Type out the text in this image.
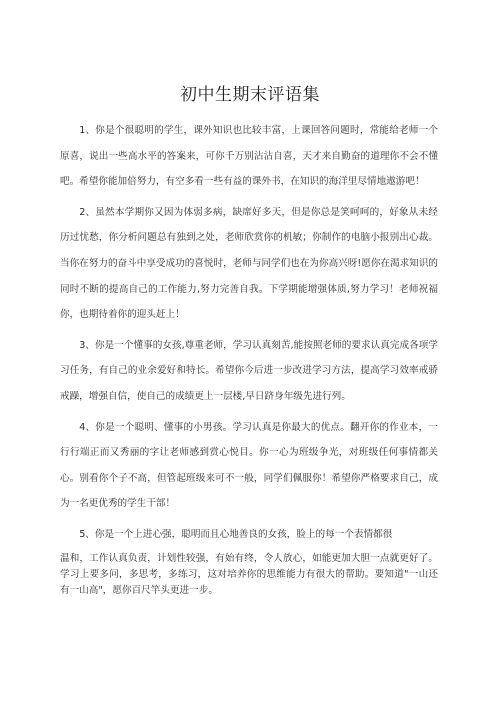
初中生期末评语集

1、你是个很聪明的学生，课外知识也比较丰富，上课回答问题时，常能给老师一个原喜，说出一些高水平的答案来，可你千万别沾沾自喜，天才来自勤奋的道理你不会不懂吧。希望你能加倍努力，有空多看一些有益的课外书，在知识的海洋里尽情地遨游吧！

2、虽然本学期你又因为体弱多病，缺席好多天，但是你总是笑呵呵的，好象从未经历过忧愁，你分析问题总有独到之处，老师欣赏你的机敏；你制作的电脑小报别出心裁。当你在努力的奋斗中享受成功的喜悦时，老师与同学们也在为你高兴呀!愿你在渴求知识的同时不断的提高自己的工作能力,努力完善自我。下学期能增强体质,努力学习！老师祝福你，也期待着你的迎头赶上！

3、你是一个懂事的女孩,尊重老师，学习认真刻苦,能按照老师的要求认真完成各项学习任务，有自己的业余爱好和特长。希望你今后进一步改进学习方法，提高学习效率戒骄戒躁，增强自信，使自己的成绩更上一层楼,早日跻身年级先进行列。

4、你是一个聪明、懂事的小男孩。学习认真是你最大的优点。翻开你的作业本，一行行端正而又秀丽的字让老师感到赏心悦目。你一心为班级争光，对班级任何事情都关心。别看你个子不高，但管起班级来可不一般，同学们佩服你！希望你严格要求自己，成为一名更优秀的学生干部！

5、你是一个上进心强，聪明而且心地善良的女孩，脸上的每一个表情都很

温和，工作认真负责，计划性较强，有始有终，令人放心，如能更加大胆一点就更好了。学习上要多问，多思考，多练习，这对培养你的思维能力有很大的帮助。要知道"一山还有一山高"，愿你百尺竿头更进一步。
